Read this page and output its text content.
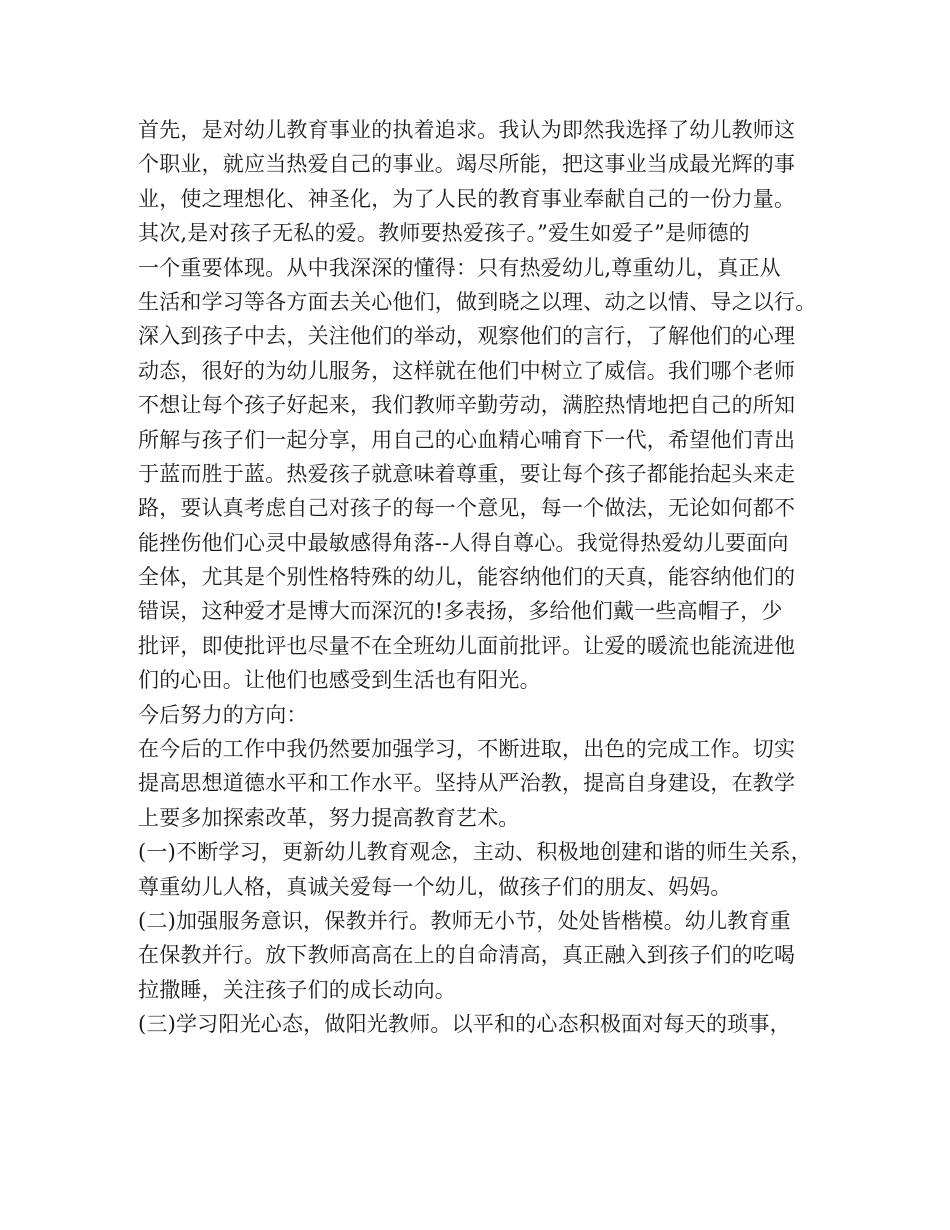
首先，是对幼儿教育事业的执着追求。我认为即然我选择了幼儿教师这
个职业，就应当热爱自己的事业。竭尽所能，把这事业当成最光辉的事
业，使之理想化、神圣化，为了人民的教育事业奉献自己的一份力量。
其次,是对孩子无私的爱。教师要热爱孩子。”爱生如爱子”是师德的
一个重要体现。从中我深深的懂得：只有热爱幼儿,尊重幼儿，真正从
生活和学习等各方面去关心他们，做到晓之以理、动之以情、导之以行。
深入到孩子中去，关注他们的举动，观察他们的言行，了解他们的心理
动态，很好的为幼儿服务，这样就在他们中树立了威信。我们哪个老师
不想让每个孩子好起来，我们教师辛勤劳动，满腔热情地把自己的所知
所解与孩子们一起分享，用自己的心血精心哺育下一代，希望他们青出
于蓝而胜于蓝。热爱孩子就意味着尊重，要让每个孩子都能抬起头来走
路，要认真考虑自己对孩子的每一个意见，每一个做法，无论如何都不
能挫伤他们心灵中最敏感得角落--人得自尊心。我觉得热爱幼儿要面向
全体，尤其是个别性格特殊的幼儿，能容纳他们的天真，能容纳他们的
错误，这种爱才是博大而深沉的!多表扬，多给他们戴一些高帽子，少
批评，即使批评也尽量不在全班幼儿面前批评。让爱的暖流也能流进他
们的心田。让他们也感受到生活也有阳光。
今后努力的方向：
在今后的工作中我仍然要加强学习，不断进取，出色的完成工作。切实
提高思想道德水平和工作水平。坚持从严治教，提高自身建设，在教学
上要多加探索改革，努力提高教育艺术。
(一)不断学习，更新幼儿教育观念，主动、积极地创建和谐的师生关系，
尊重幼儿人格，真诚关爱每一个幼儿，做孩子们的朋友、妈妈。
(二)加强服务意识，保教并行。教师无小节，处处皆楷模。幼儿教育重
在保教并行。放下教师高高在上的自命清高，真正融入到孩子们的吃喝
拉撒睡，关注孩子们的成长动向。
(三)学习阳光心态，做阳光教师。以平和的心态积极面对每天的琐事，
